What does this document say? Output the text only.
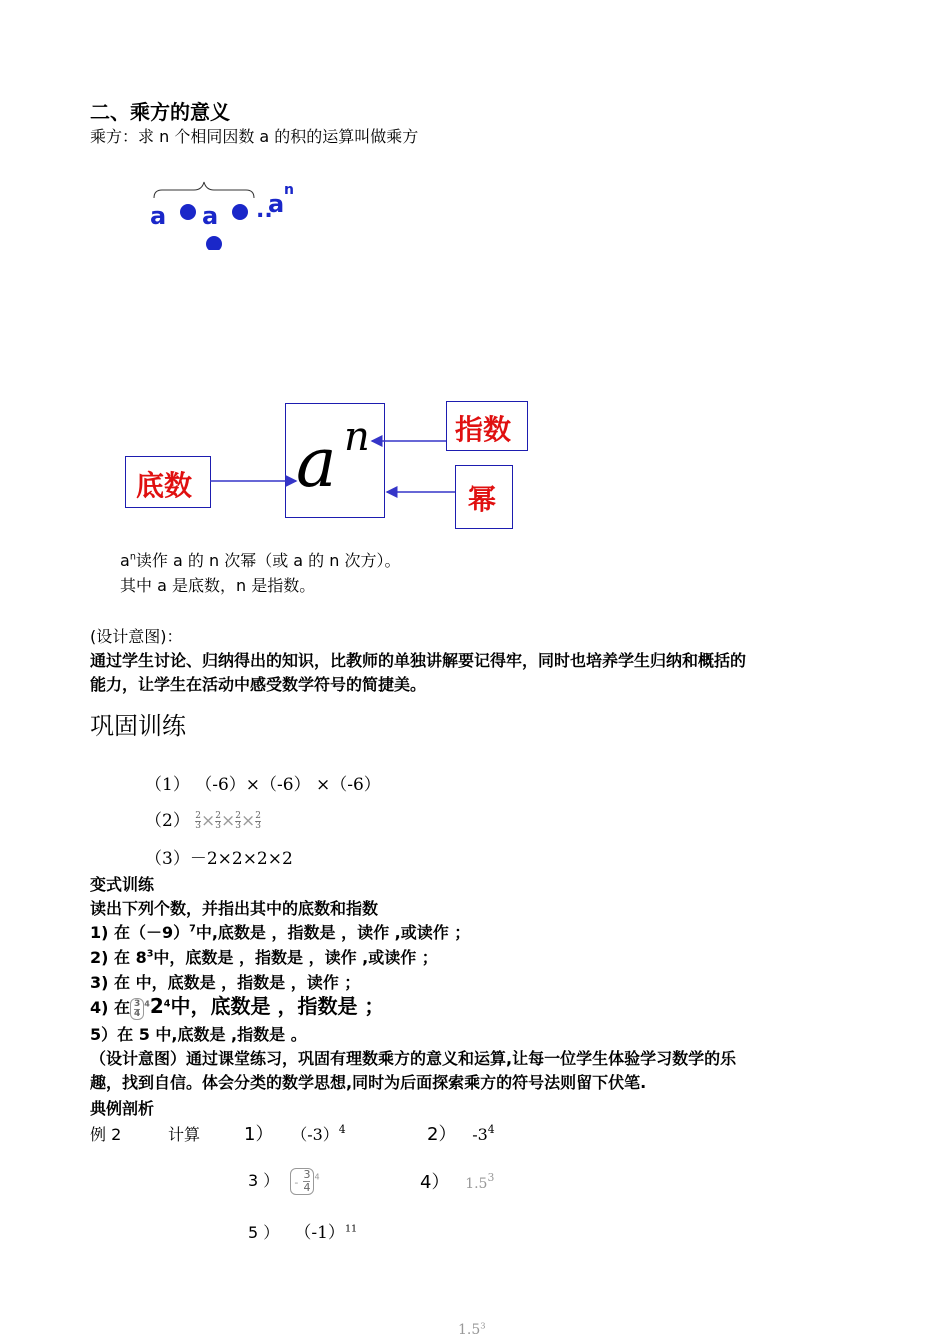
二、乘方的意义
乘方：求 n 个相同因数 a 的积的运算叫做乘方
a a ..
a n
a n	指数
底数	幂
$a^n$读作 a 的 n 次幂（或 a 的 n 次方）。
其中 a 是底数，n 是指数。
(设计意图)：
通过学生讨论、归纳得出的知识，比教师的单独讲解要记得牢，同时也培养学生归纳和概括的
能力，让学生在活动中感受数学符号的简捷美。
巩固训练
（1） （-6）×（-6） ×（-6）
$(2) \frac{2}{3} \times \frac{2}{3} \times \frac{2}{3} \times \frac{2}{3}$
（3）－2×2×2×2
变式训练
读出下列个数，并指出其中的底数和指数
1) 在$(-9)^7$中,底数是 ，指数是 ，读作 ,或读作 ；
2) 在 $8^3$中，底数是 ，指数是 ，读作 ,或读作 ；
3) 在 中，底数是 ，指数是 ，读作 ；
4) 在 $\frac{3}{4} ^42^4$中，底数是 ，指数是 ；
5）在 5 中,底数是 ,指数是 。
（设计意图）通过课堂练习，巩固有理数乘方的意义和运算,让每一位学生体验学习数学的乐
趣，找到自信。体会分类的数学思想,同时为后面探索乘方的符号法则留下伏笔.
典例剖析
例 2	计算 1） $(-3)^4$	2） $-3^4$
3 ） - $\frac{3}{4} ^4$	4） $1.5^3$
5 ） $(-1)^{11}$
$1.5^3$
